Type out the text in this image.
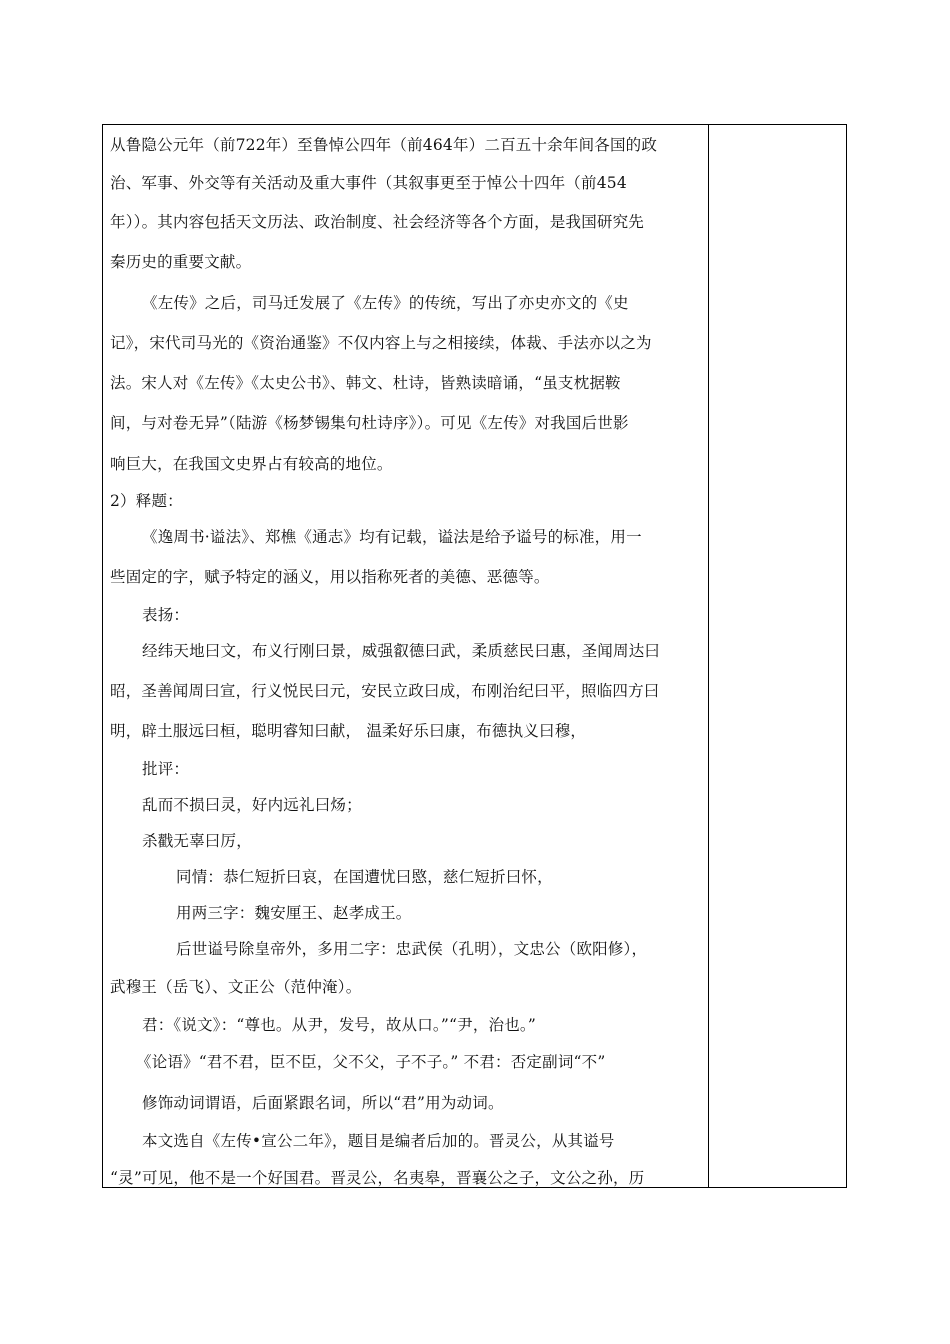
从鲁隐公元年（前722年）至鲁悼公四年（前464年）二百五十余年间各国的政
治、军事、外交等有关活动及重大事件（其叙事更至于悼公十四年（前454
年））。其内容包括天文历法、政治制度、社会经济等各个方面，是我国研究先
秦历史的重要文献。
《左传》之后，司马迁发展了《左传》的传统，写出了亦史亦文的《史
记》，宋代司马光的《资治通鉴》不仅内容上与之相接续，体裁、手法亦以之为
法。宋人对《左传》《太史公书》、韩文、杜诗，皆熟读暗诵，“虽支枕据鞍
间，与对卷无异”（陆游《杨梦锡集句杜诗序》）。可见《左传》对我国后世影
响巨大，在我国文史界占有较高的地位。
2）释题：
《逸周书·谥法》、郑樵《通志》均有记载，谥法是给予谥号的标准，用一
些固定的字，赋予特定的涵义，用以指称死者的美德、恶德等。
表扬：
经纬天地曰文，布义行刚曰景，威强叡德曰武，柔质慈民曰惠，圣闻周达曰
昭，圣善闻周曰宣，行义悦民曰元，安民立政曰成，布刚治纪曰平，照临四方曰
明，辟土服远曰桓，聪明睿知曰献， 温柔好乐曰康，布德执义曰穆，
批评：
乱而不损曰灵，好内远礼曰炀；
杀戳无辜曰厉，
同情：恭仁短折曰哀，在国遭忧曰愍，慈仁短折曰怀，
用两三字：魏安厘王、赵孝成王。
后世谥号除皇帝外，多用二字：忠武侯（孔明），文忠公（欧阳修），
武穆王（岳飞）、文正公（范仲淹）。
君：《说文》：“尊也。从尹，发号，故从口。”“尹，治也。”
《论语》“君不君，臣不臣，父不父，子不子。” 不君：否定副词“不”
修饰动词谓语，后面紧跟名词，所以“君”用为动词。
本文选自《左传•宣公二年》，题目是编者后加的。晋灵公，从其谥号
“灵”可见，他不是一个好国君。晋灵公，名夷皋，晋襄公之子，文公之孙，历
